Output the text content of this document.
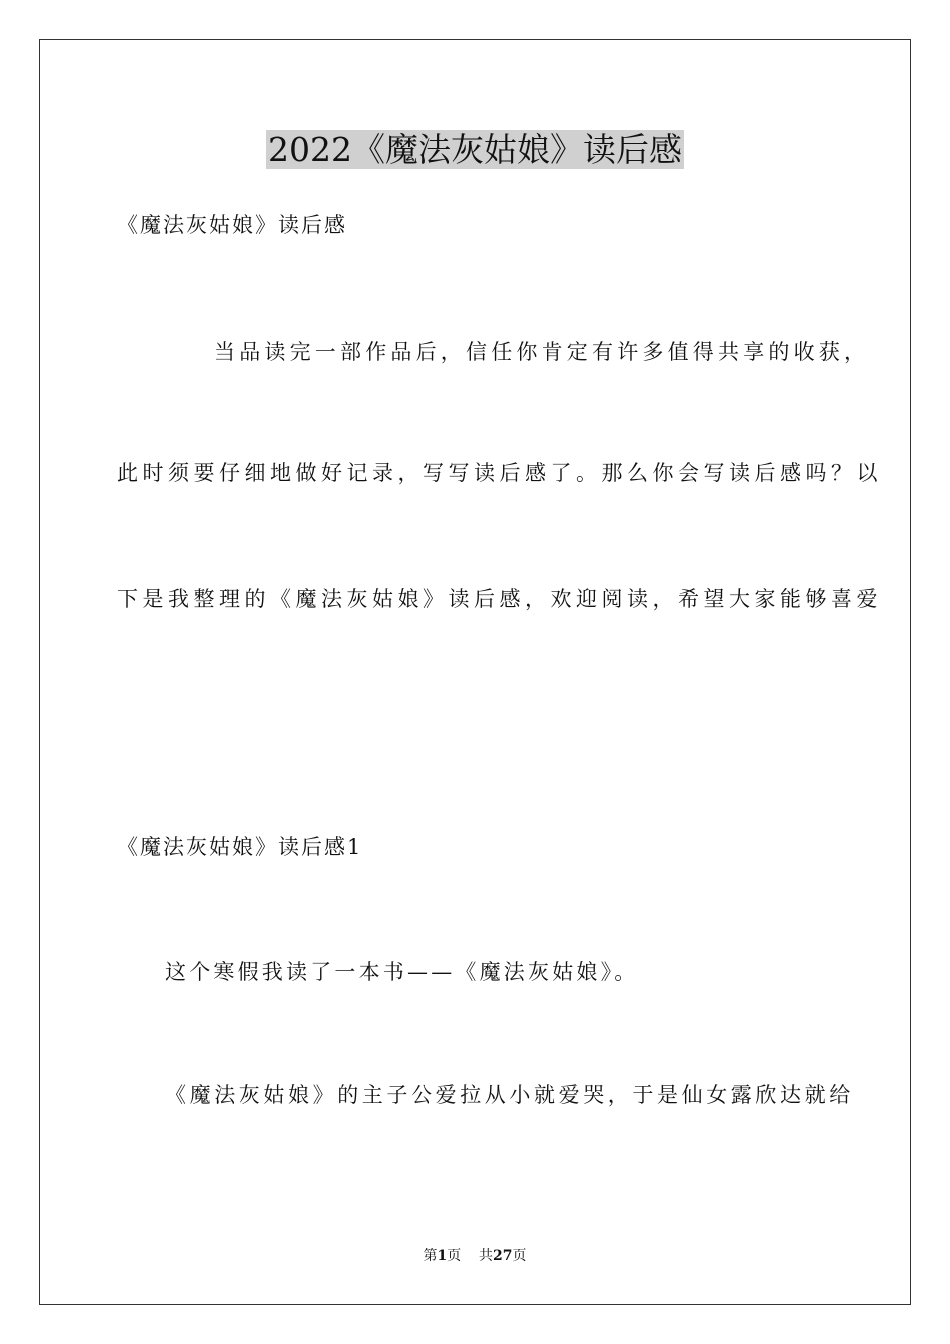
2022《魔法灰姑娘》读后感
《魔法灰姑娘》读后感
当品读完一部作品后，信任你肯定有许多值得共享的收获，
此时须要仔细地做好记录，写写读后感了。那么你会写读后感吗？以
下是我整理的《魔法灰姑娘》读后感，欢迎阅读，希望大家能够喜爱
《魔法灰姑娘》读后感1
这个寒假我读了一本书——《魔法灰姑娘》。
《魔法灰姑娘》的主子公爱拉从小就爱哭，于是仙女露欣达就给
第1页 共27页
